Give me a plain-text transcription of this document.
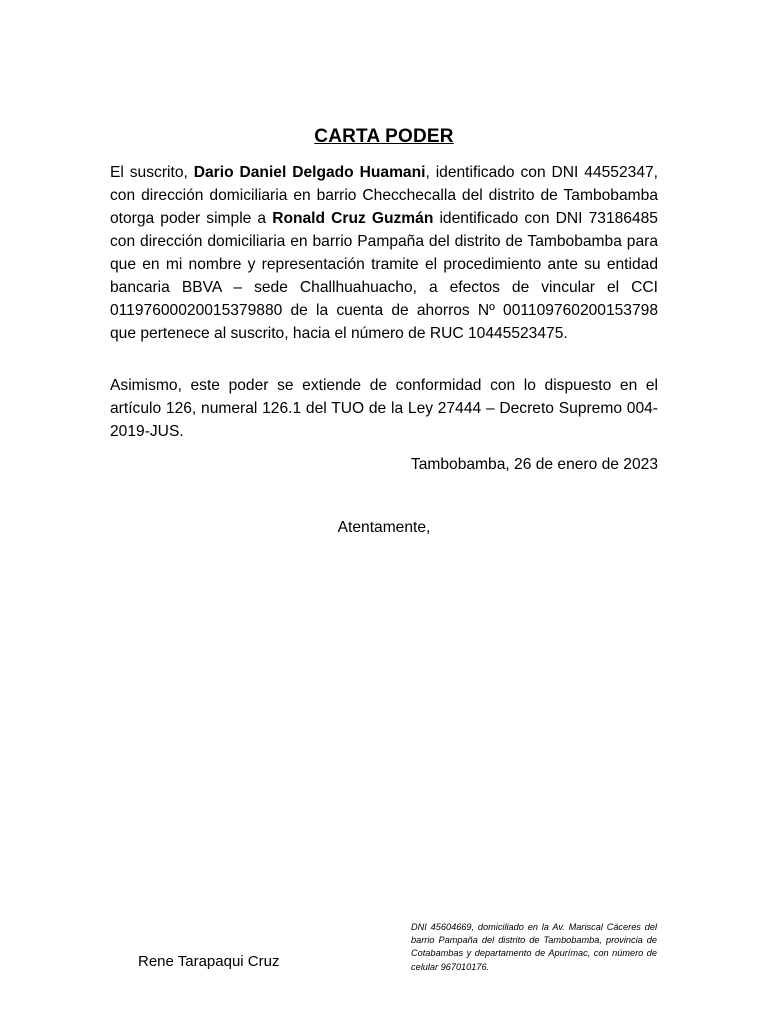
CARTA PODER

El suscrito, Dario Daniel Delgado Huamani, identificado con DNI 44552347, con dirección domiciliaria en barrio Checchecalla del distrito de Tambobamba otorga poder simple a Ronald Cruz Guzmán identificado con DNI 73186485 con dirección domiciliaria en barrio Pampaña del distrito de Tambobamba para que en mi nombre y representación tramite el procedimiento ante su entidad bancaria BBVA – sede Challhuahuacho, a efectos de vincular el CCI 01197600020015379880 de la cuenta de ahorros Nº 001109760200153798 que pertenece al suscrito, hacia el número de RUC 10445523475.

Asimismo, este poder se extiende de conformidad con lo dispuesto en el artículo 126, numeral 126.1 del TUO de la Ley 27444 – Decreto Supremo 004-2019-JUS.

Tambobamba, 26 de enero de 2023
Atentamente,
Rene Tarapaqui Cruz

DNI 45604669, domiciliado en la Av. Mariscal Cáceres del barrio Pampaña del distrito de Tambobamba, provincia de Cotabambas y departamento de Apurímac, con número de celular 967010176.
